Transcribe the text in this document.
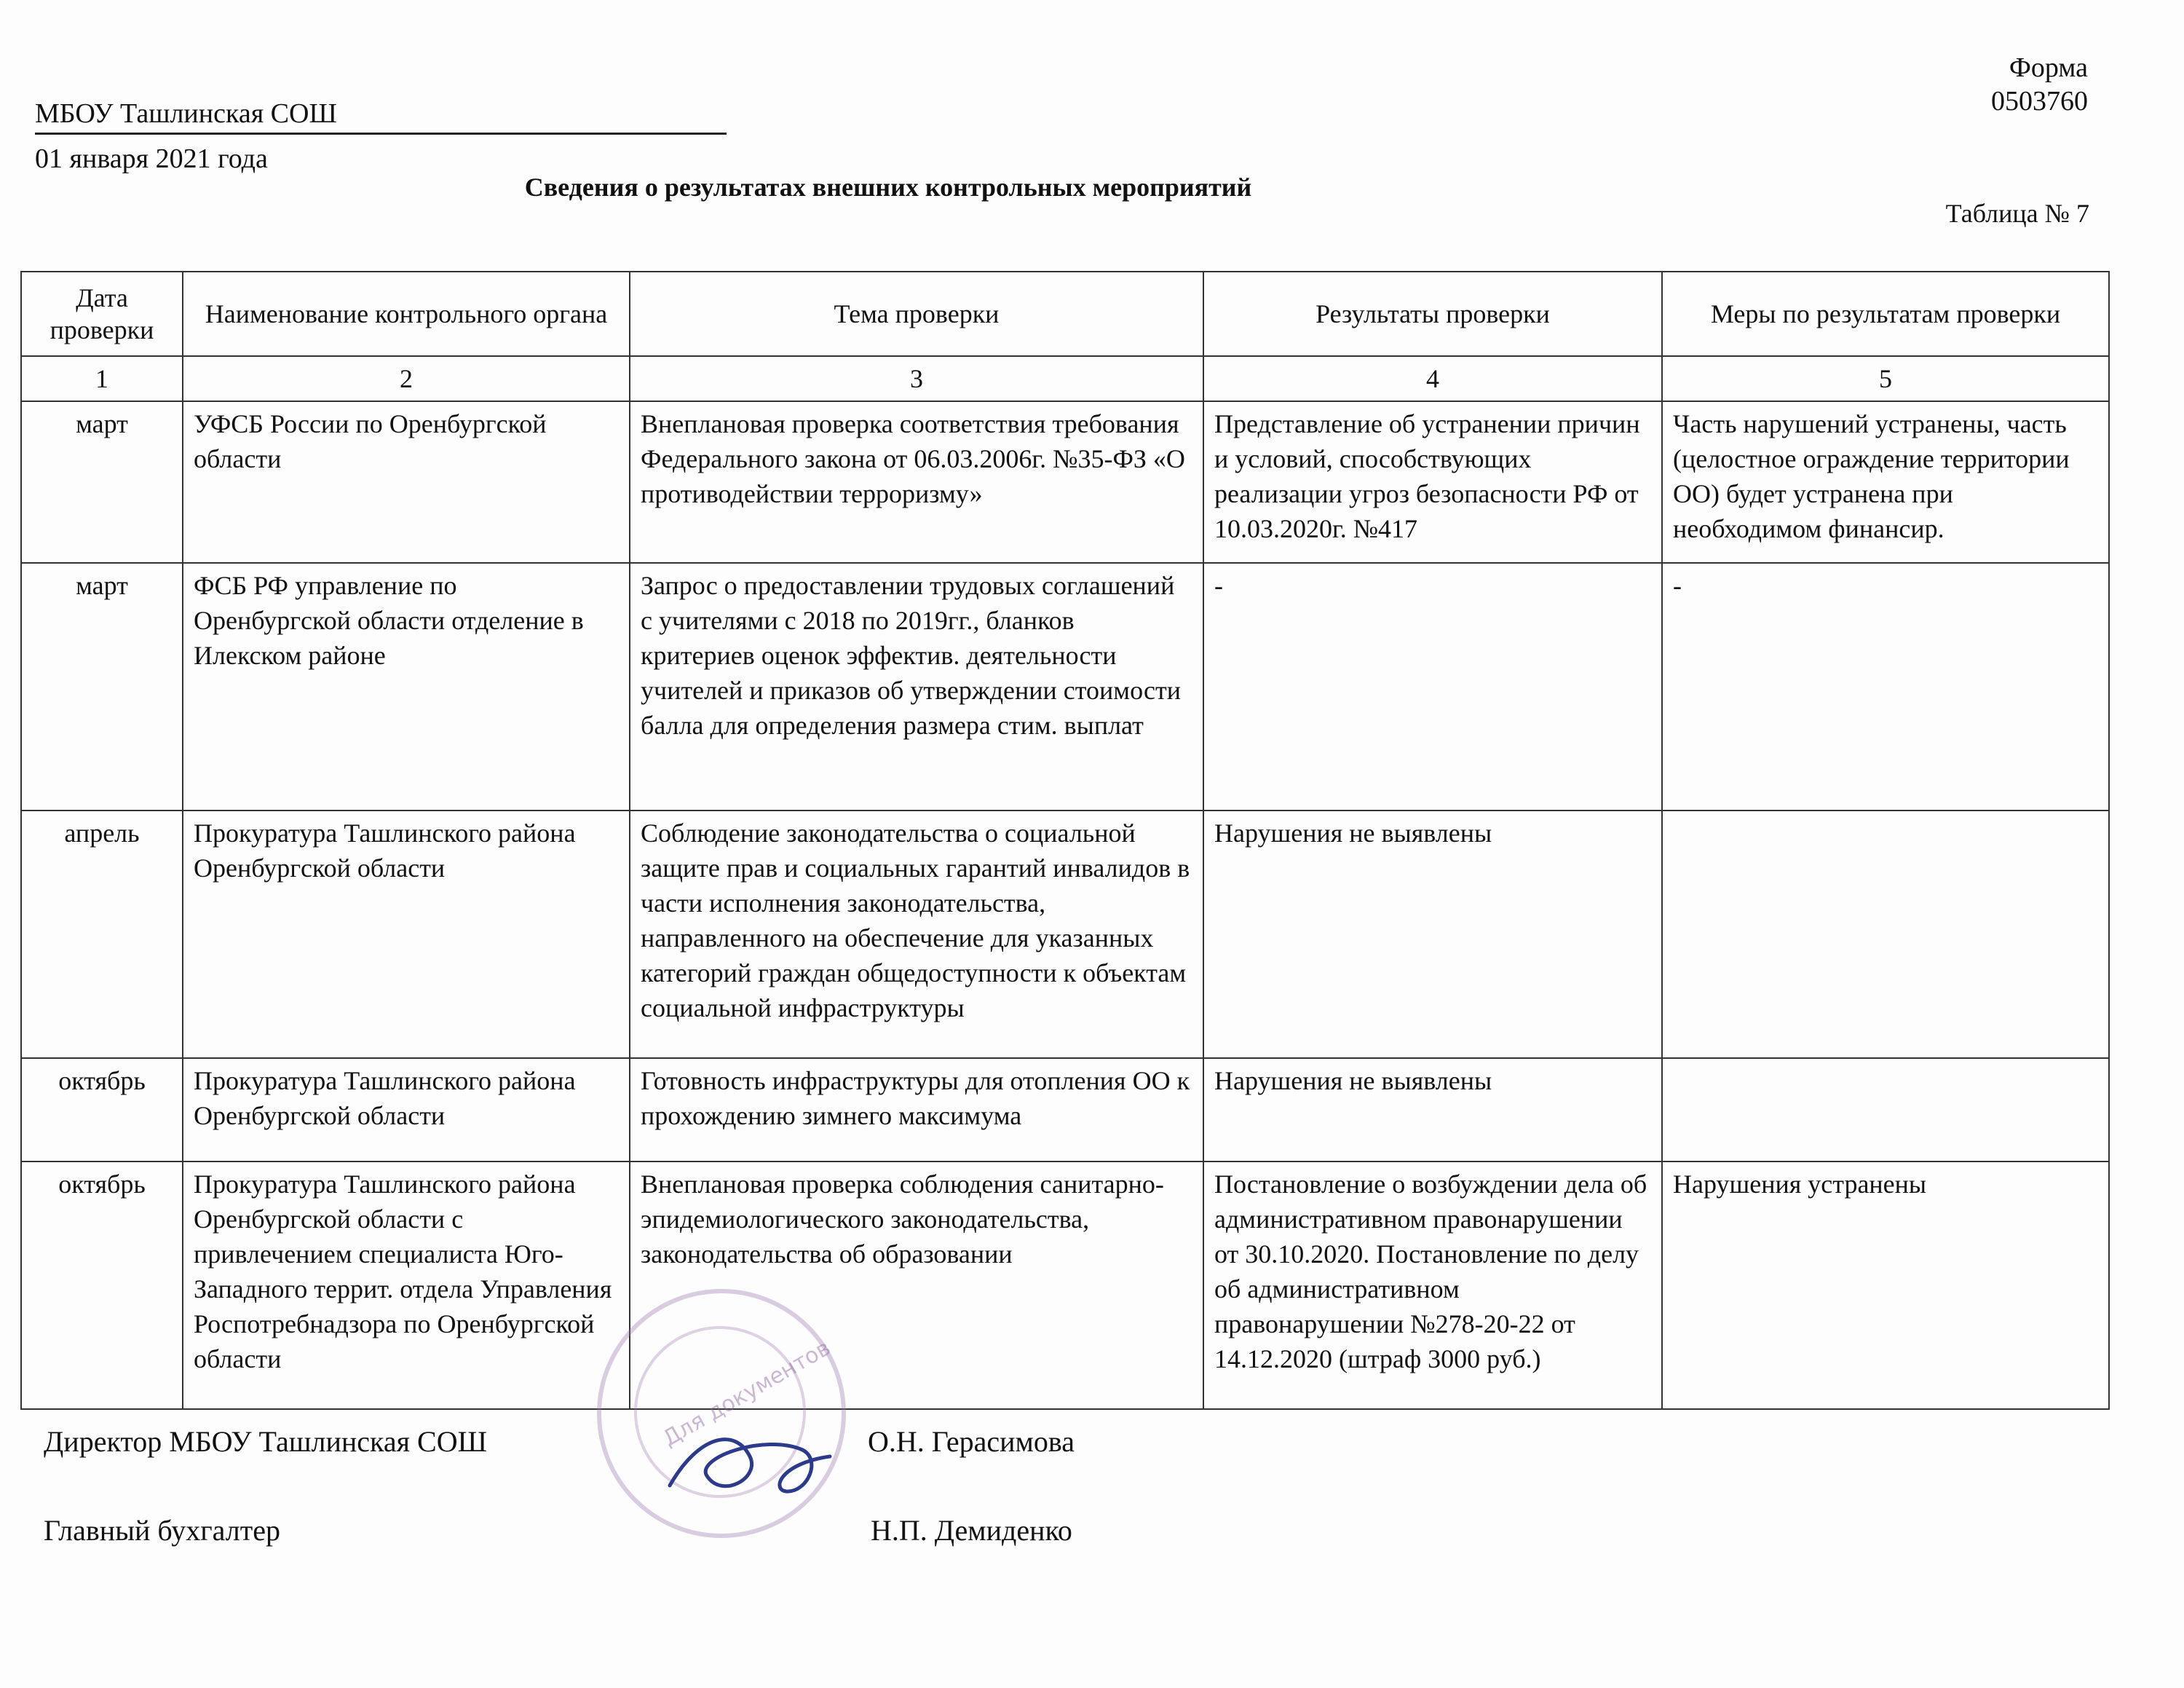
МБОУ Ташлинская СОШ
01 января 2021 года
Форма
0503760
Сведения о результатах внешних контрольных мероприятий
Таблица № 7
Дата проверки	Наименование контрольного органа	Тема проверки	Результаты проверки	Меры по результатам проверки
1	2	3	4	5
март	УФСБ России по Оренбургской области	Внеплановая проверка соответствия требования Федерального закона от 06.03.2006г. №35-ФЗ «О противодействии терроризму»	Представление об устранении причин и условий, способствующих реализации угроз безопасности РФ от 10.03.2020г. №417	Часть нарушений устранены, часть (целостное ограждение территории ОО) будет устранена при необходимом финансир.
март	ФСБ РФ управление по Оренбургской области отделение в Илекском районе	Запрос о предоставлении трудовых соглашений с учителями с 2018 по 2019гг., бланков критериев оценок эффектив. деятельности учителей и приказов об утверждении стоимости балла для определения размера стим. выплат	-	-
апрель	Прокуратура Ташлинского района Оренбургской области	Соблюдение законодательства о социальной защите прав и социальных гарантий инвалидов в части исполнения законодательства, направленного на обеспечение для указанных категорий граждан общедоступности к объектам социальной инфраструктуры	Нарушения не выявлены	
октябрь	Прокуратура Ташлинского района Оренбургской области	Готовность инфраструктуры для отопления ОО к прохождению зимнего максимума	Нарушения не выявлены	
октябрь	Прокуратура Ташлинского района Оренбургской области с привлечением специалиста Юго-Западного террит. отдела Управления Роспотребнадзора по Оренбургской области	Внеплановая проверка соблюдения санитарно-эпидемиологического законодательства, законодательства об образовании	Постановление о возбуждении дела об административном правонарушении от 30.10.2020. Постановление по делу об административном правонарушении №278-20-22 от 14.12.2020 (штраф 3000 руб.)	Нарушения устранены
Для документов
Директор МБОУ Ташлинская СОШ	О.Н. Герасимова
Главный бухгалтер	Н.П. Демиденко
